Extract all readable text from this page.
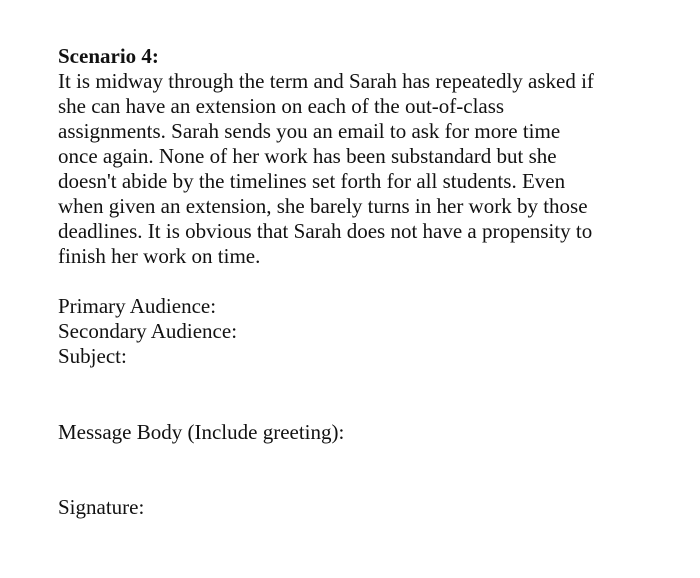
Scenario 4:
It is midway through the term and Sarah has repeatedly asked if
she can have an extension on each of the out-of-class
assignments. Sarah sends you an email to ask for more time
once again. None of her work has been substandard but she
doesn't abide by the timelines set forth for all students. Even
when given an extension, she barely turns in her work by those
deadlines. It is obvious that Sarah does not have a propensity to
finish her work on time.
Primary Audience:
Secondary Audience:
Subject:
Message Body (Include greeting):
Signature:
